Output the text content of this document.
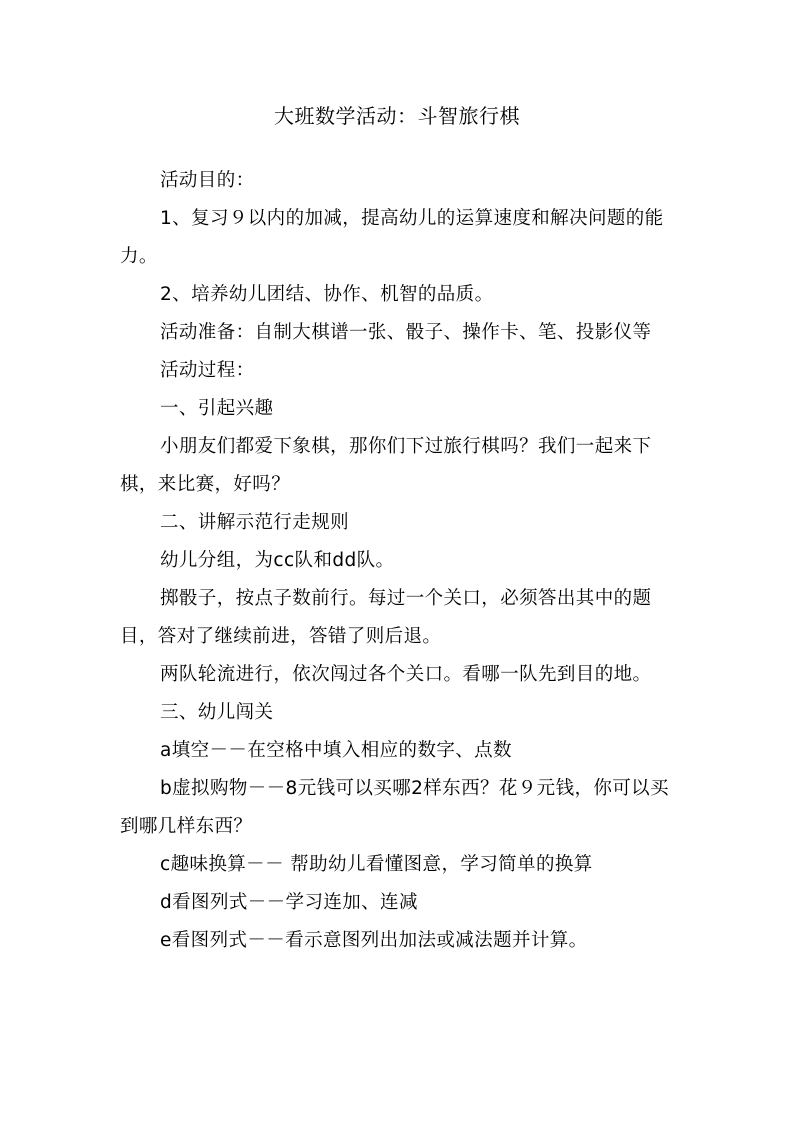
大班数学活动：斗智旅行棋

活动目的：

1、复习９以内的加减，提高幼儿的运算速度和解决问题的能力。

2、培养幼儿团结、协作、机智的品质。

活动准备：自制大棋谱一张、骰子、操作卡、笔、投影仪等

活动过程：

一、引起兴趣

小朋友们都爱下象棋，那你们下过旅行棋吗？我们一起来下棋，来比赛，好吗？

二、讲解示范行走规则

幼儿分组，为cc队和dd队。

掷骰子，按点子数前行。每过一个关口，必须答出其中的题目，答对了继续前进，答错了则后退。

两队轮流进行，依次闯过各个关口。看哪一队先到目的地。

三、幼儿闯关

a填空－－在空格中填入相应的数字、点数

b虚拟购物－－8元钱可以买哪2样东西？花９元钱，你可以买到哪几样东西？

c趣味换算－－ 帮助幼儿看懂图意，学习简单的换算

d看图列式－－学习连加、连减

e看图列式－－看示意图列出加法或减法题并计算。
